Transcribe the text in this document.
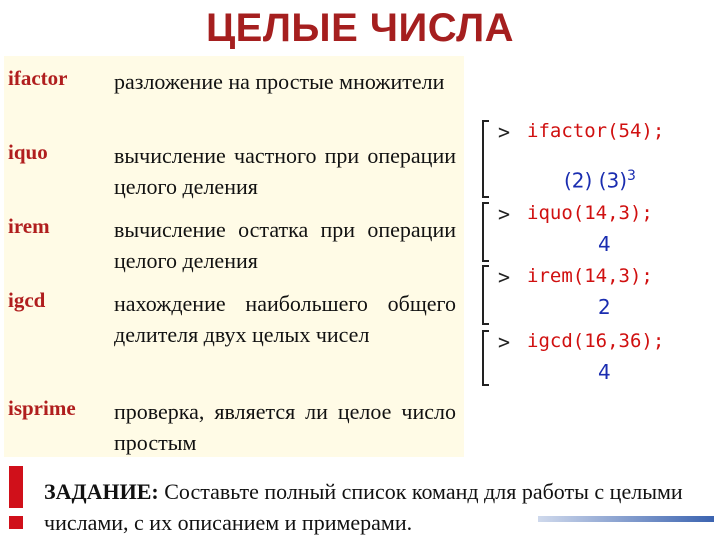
ЦЕЛЫЕ ЧИСЛА
ifactor разложение на простые множители
iquo	вычисление частного при операции целого деления
irem	вычисление остатка при операции целого деления
igcd	нахождение наибольшего общего делителя двух целых чисел
isprime проверка, является ли целое число простым
> ifactor(54);
(2) $(3)^3$
> iquo(14,3);
4
> irem(14,3);
2
> igcd(16,36);
4
ЗАДАНИЕ: Составьте полный список команд для работы с целыми числами, с их описанием и примерами.
